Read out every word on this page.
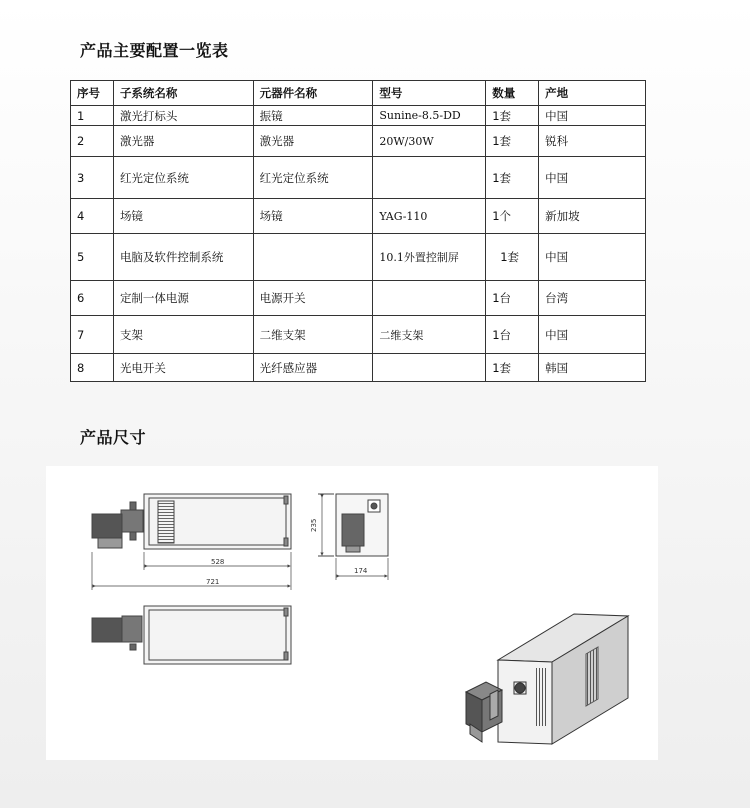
产品主要配置一览表
序号	子系统名称	元器件名称	型号	数量	产地
1	激光打标头	振镜	Sunine-8.5-DD	1套	中国
2	激光器	激光器	20W/30W	1套	锐科
3	红光定位系统	红光定位系统		1套	中国
4	场镜	场镜	YAG-110	1个	新加坡
5	电脑及软件控制系统		10.1外置控制屏	1套	中国
6	定制一体电源	电源开关		1台	台湾
7	支架	二维支架	二维支架	1台	中国
8	光电开关	光纤感应器		1套	韩国
产品尺寸
528
721
235
174
